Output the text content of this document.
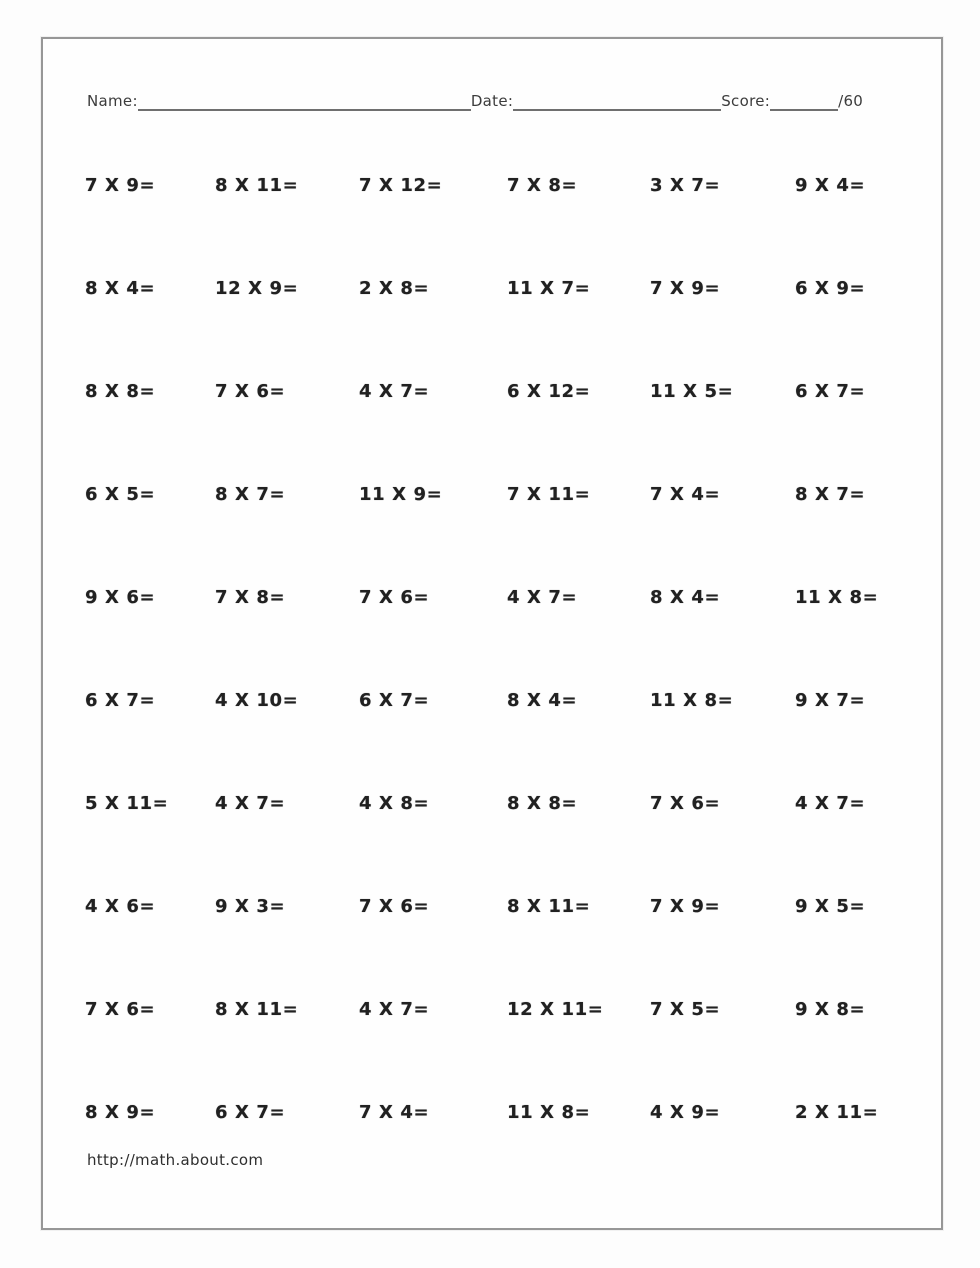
Name:	Date:	Score:	/60
7 X 9=	8 X 11=	7 X 12=	7 X 8=	3 X 7=	9 X 4=
8 X 4=	12 X 9=	2 X 8=	11 X 7=	7 X 9=	6 X 9=
8 X 8=	7 X 6=	4 X 7=	6 X 12=	11 X 5=	6 X 7=
6 X 5=	8 X 7=	11 X 9=	7 X 11=	7 X 4=	8 X 7=
9 X 6=	7 X 8=	7 X 6=	4 X 7=	8 X 4=	11 X 8=
6 X 7=	4 X 10=	6 X 7=	8 X 4=	11 X 8=	9 X 7=
5 X 11=	4 X 7=	4 X 8=	8 X 8=	7 X 6=	4 X 7=
4 X 6=	9 X 3=	7 X 6=	8 X 11=	7 X 9=	9 X 5=
7 X 6=	8 X 11=	4 X 7=	12 X 11=	7 X 5=	9 X 8=
8 X 9=	6 X 7=	7 X 4=	11 X 8=	4 X 9=	2 X 11=
http://math.about.com
